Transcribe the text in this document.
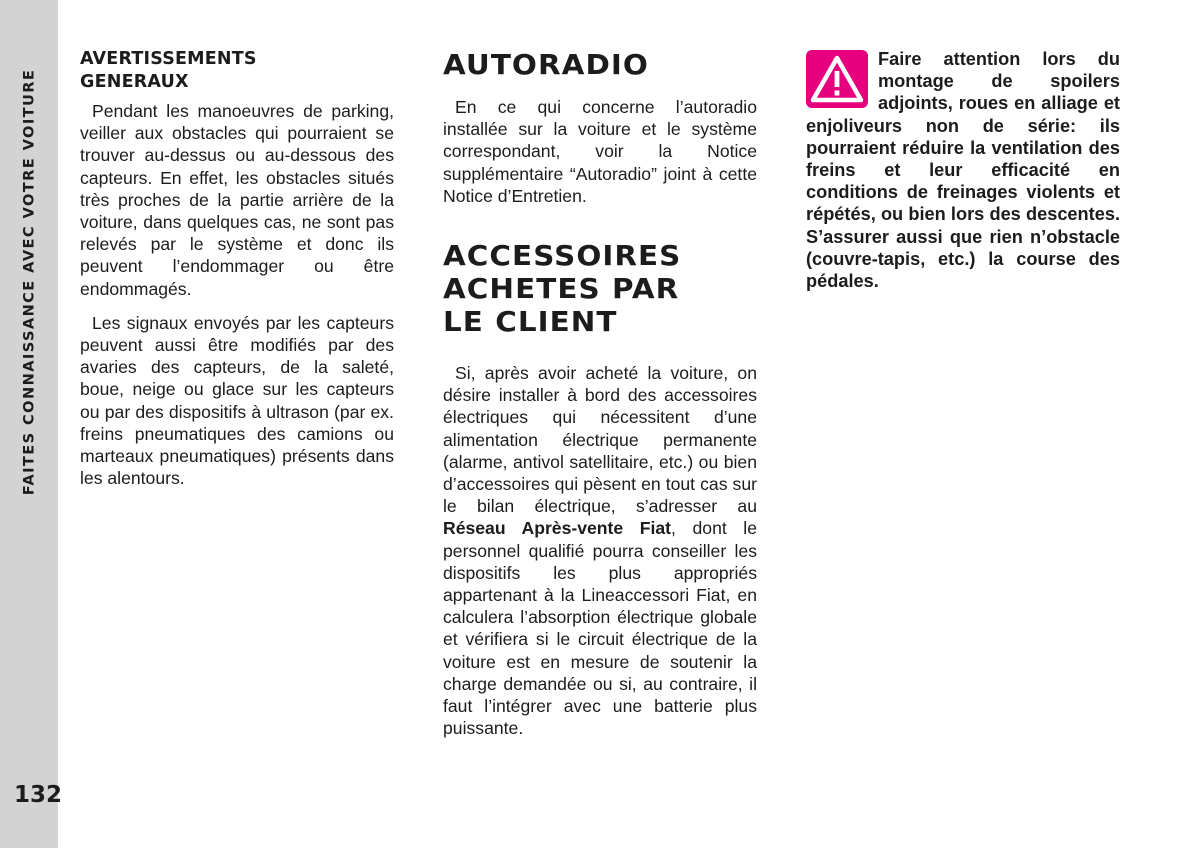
FAITES CONNAISSANCE AVEC VOTRE VOITURE
132
AVERTISSEMENTS
GENERAUX

Pendant les manoeuvres de parking, veiller aux obstacles qui pourraient se trouver au-dessus ou au-dessous des capteurs. En effet, les obstacles situés très proches de la partie arrière de la voiture, dans quelques cas, ne sont pas relevés par le système et donc ils peuvent l’endommager ou être endommagés.

Les signaux envoyés par les capteurs peuvent aussi être modifiés par des avaries des capteurs, de la saleté, boue, neige ou glace sur les capteurs ou par des dispositifs à ultrason (par ex. freins pneumatiques des camions ou marteaux pneumatiques) présents dans les alentours.

AUTORADIO

En ce qui concerne l’autoradio installée sur la voiture et le système correspondant, voir la Notice supplémentaire “Autoradio” joint à cette Notice d’Entretien.

ACCESSOIRES
ACHETES PAR
LE CLIENT

Si, après avoir acheté la voiture, on désire installer à bord des accessoires électriques qui nécessitent d’une alimentation électrique permanente (alarme, antivol satellitaire, etc.) ou bien d’accessoires qui pèsent en tout cas sur le bilan électrique, s’adresser au Réseau Après-vente Fiat, dont le personnel qualifié pourra conseiller les dispositifs les plus appropriés appartenant à la Lineaccessori Fiat, en calculera l’absorption électrique globale et vérifiera si le circuit électrique de la voiture est en mesure de soutenir la charge demandée ou si, au contraire, il faut l’intégrer avec une batterie plus puissante.

Faire attention lors du montage de spoilers adjoints, roues en alliage et enjoliveurs non de série: ils pourraient réduire la ventilation des freins et leur efficacité en conditions de freinages violents et répétés, ou bien lors des descentes. S’assurer aussi que rien n’obstacle (couvre-tapis, etc.) la course des pédales.
